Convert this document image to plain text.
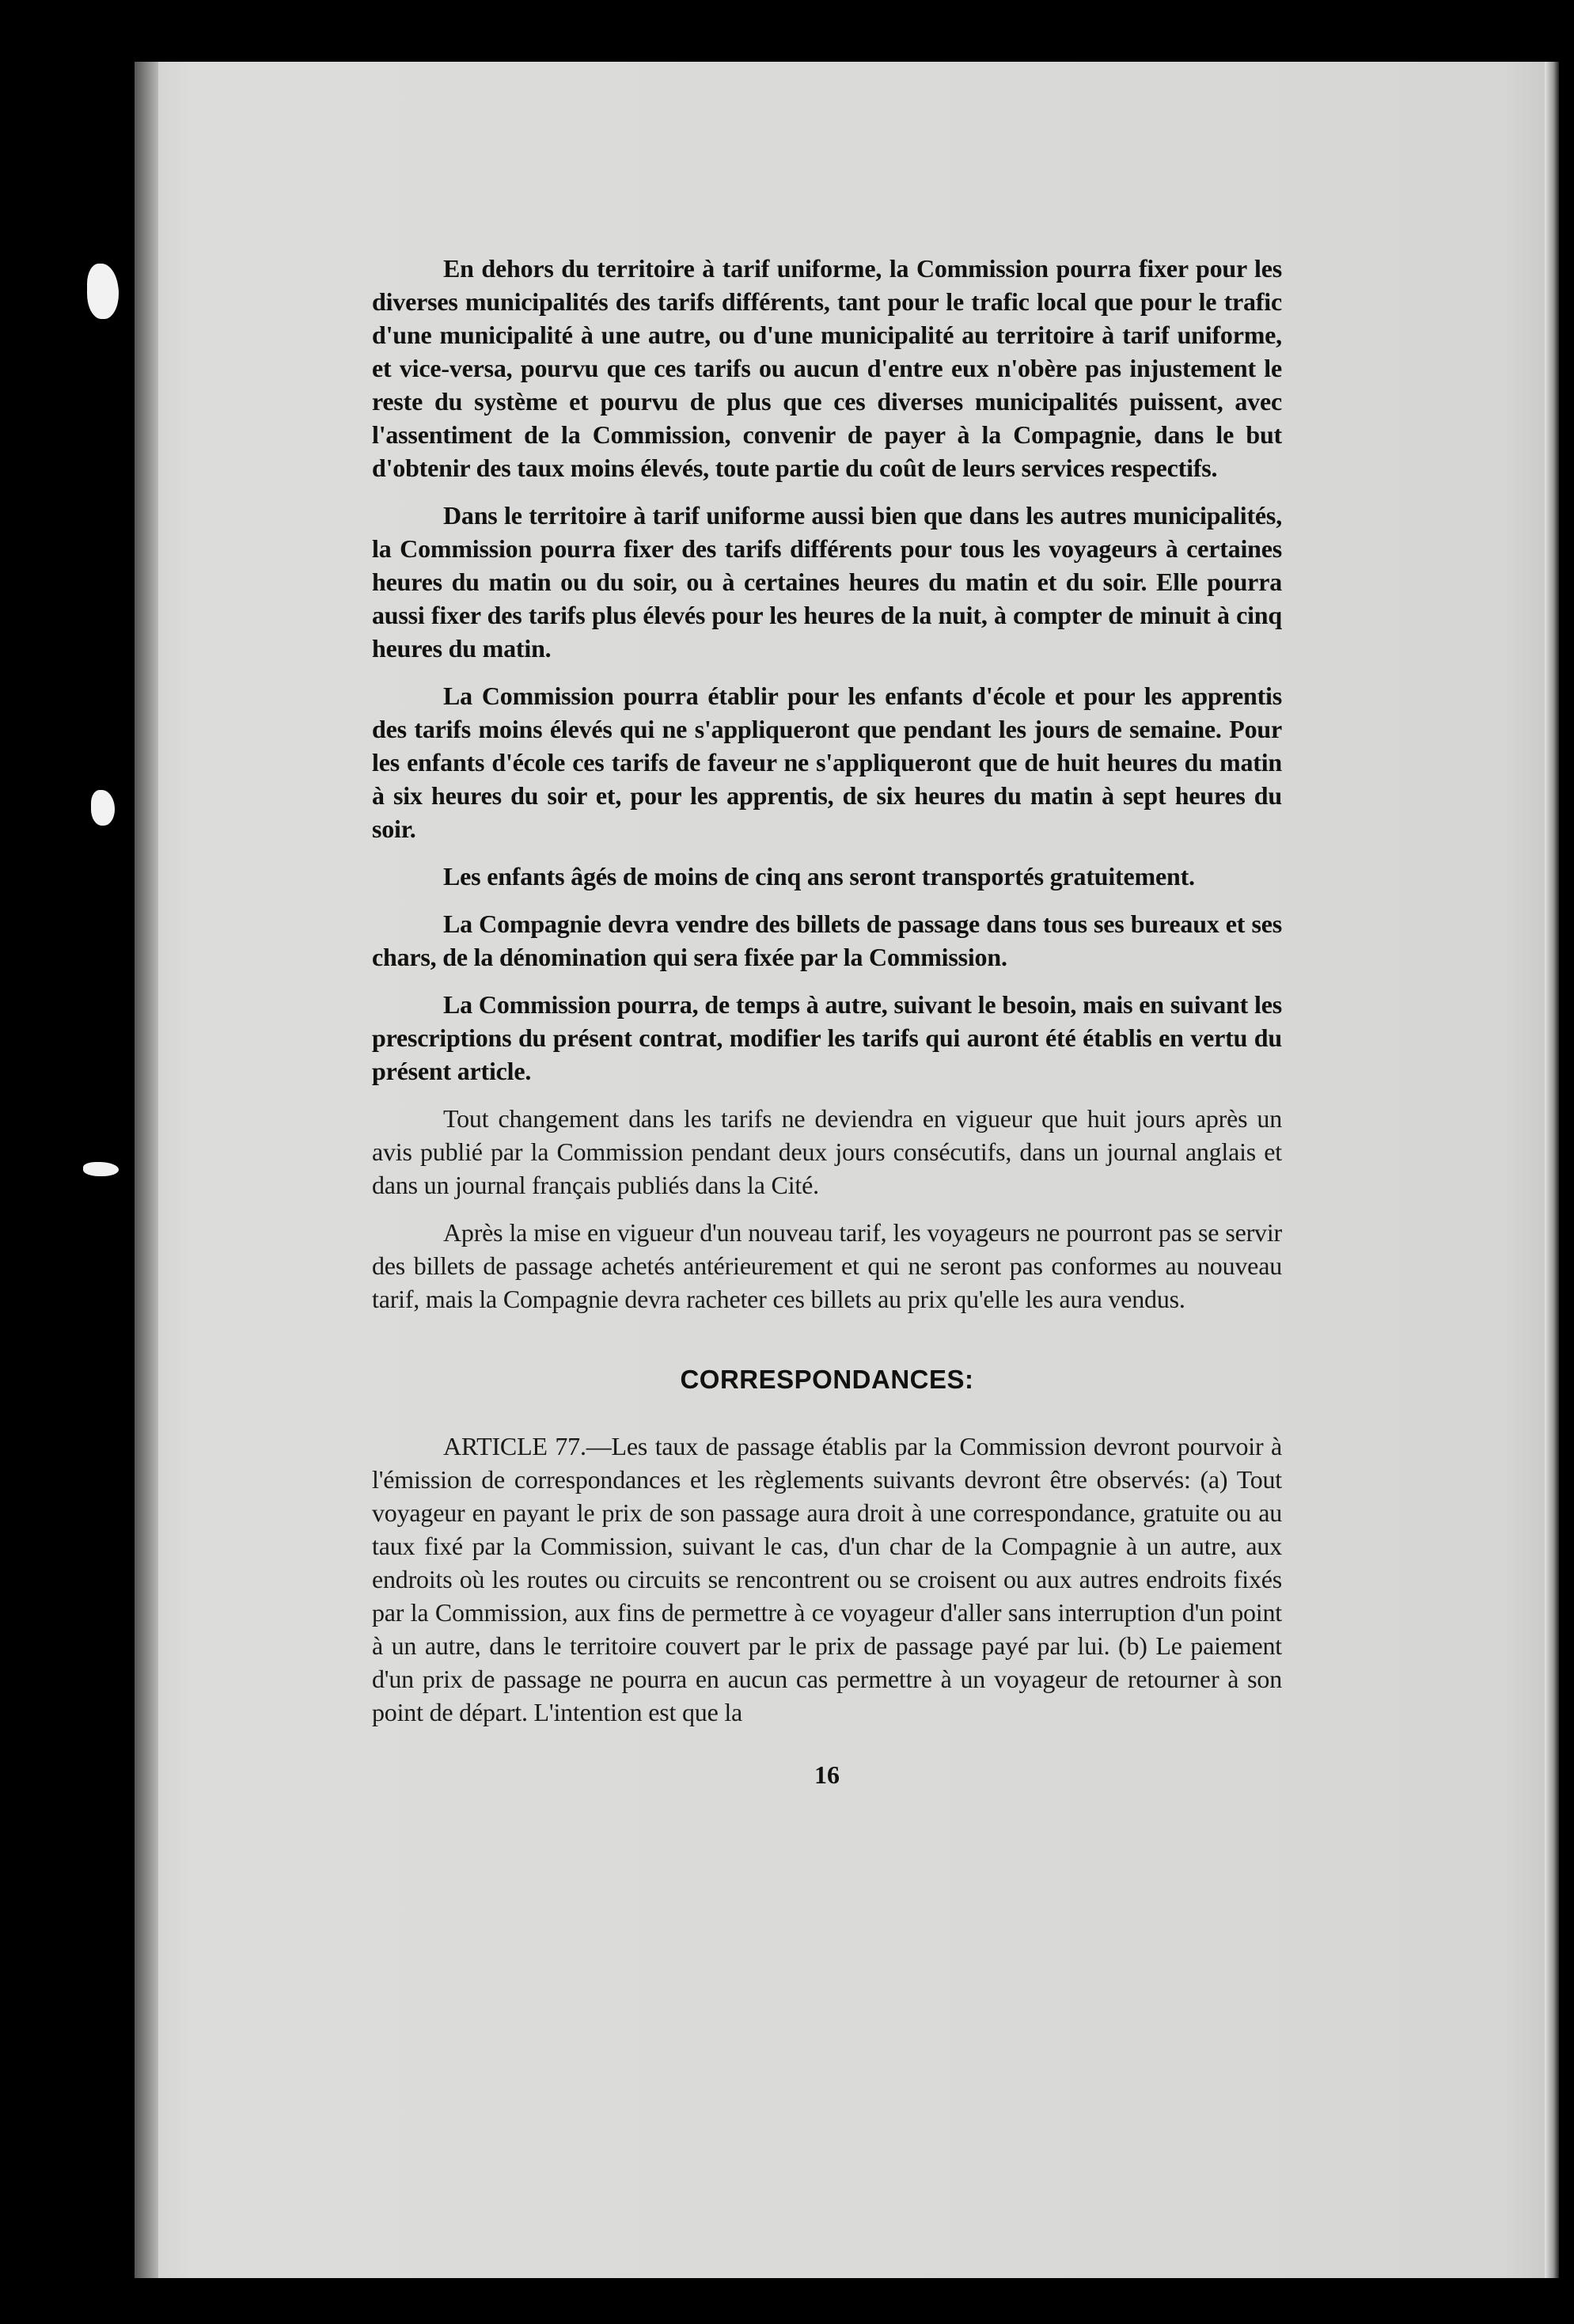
En dehors du territoire à tarif uniforme, la Commission pourra fixer pour les diverses municipalités des tarifs différents, tant pour le trafic local que pour le trafic d'une municipalité à une autre, ou d'une municipalité au territoire à tarif uniforme, et vice-versa, pourvu que ces tarifs ou aucun d'entre eux n'obère pas injustement le reste du système et pourvu de plus que ces diverses municipalités puissent, avec l'assentiment de la Commission, convenir de payer à la Compagnie, dans le but d'obtenir des taux moins élevés, toute partie du coût de leurs services respectifs.

Dans le territoire à tarif uniforme aussi bien que dans les autres municipalités, la Commission pourra fixer des tarifs différents pour tous les voyageurs à certaines heures du matin ou du soir, ou à certaines heures du matin et du soir. Elle pourra aussi fixer des tarifs plus élevés pour les heures de la nuit, à compter de minuit à cinq heures du matin.

La Commission pourra établir pour les enfants d'école et pour les apprentis des tarifs moins élevés qui ne s'appliqueront que pendant les jours de semaine. Pour les enfants d'école ces tarifs de faveur ne s'appliqueront que de huit heures du matin à six heures du soir et, pour les apprentis, de six heures du matin à sept heures du soir.

Les enfants âgés de moins de cinq ans seront transportés gratuitement.

La Compagnie devra vendre des billets de passage dans tous ses bureaux et ses chars, de la dénomination qui sera fixée par la Commission.

La Commission pourra, de temps à autre, suivant le besoin, mais en suivant les prescriptions du présent contrat, modifier les tarifs qui auront été établis en vertu du présent article.

Tout changement dans les tarifs ne deviendra en vigueur que huit jours après un avis publié par la Commission pendant deux jours consécutifs, dans un journal anglais et dans un journal français publiés dans la Cité.

Après la mise en vigueur d'un nouveau tarif, les voyageurs ne pourront pas se servir des billets de passage achetés antérieurement et qui ne seront pas conformes au nouveau tarif, mais la Compagnie devra racheter ces billets au prix qu'elle les aura vendus.

CORRESPONDANCES:

ARTICLE 77.—Les taux de passage établis par la Commission devront pourvoir à l'émission de correspondances et les règlements suivants devront être observés: (a) Tout voyageur en payant le prix de son passage aura droit à une correspondance, gratuite ou au taux fixé par la Commission, suivant le cas, d'un char de la Compagnie à un autre, aux endroits où les routes ou circuits se rencontrent ou se croisent ou aux autres endroits fixés par la Commission, aux fins de permettre à ce voyageur d'aller sans interruption d'un point à un autre, dans le territoire couvert par le prix de passage payé par lui. (b) Le paiement d'un prix de passage ne pourra en aucun cas permettre à un voyageur de retourner à son point de départ. L'intention est que la

16
